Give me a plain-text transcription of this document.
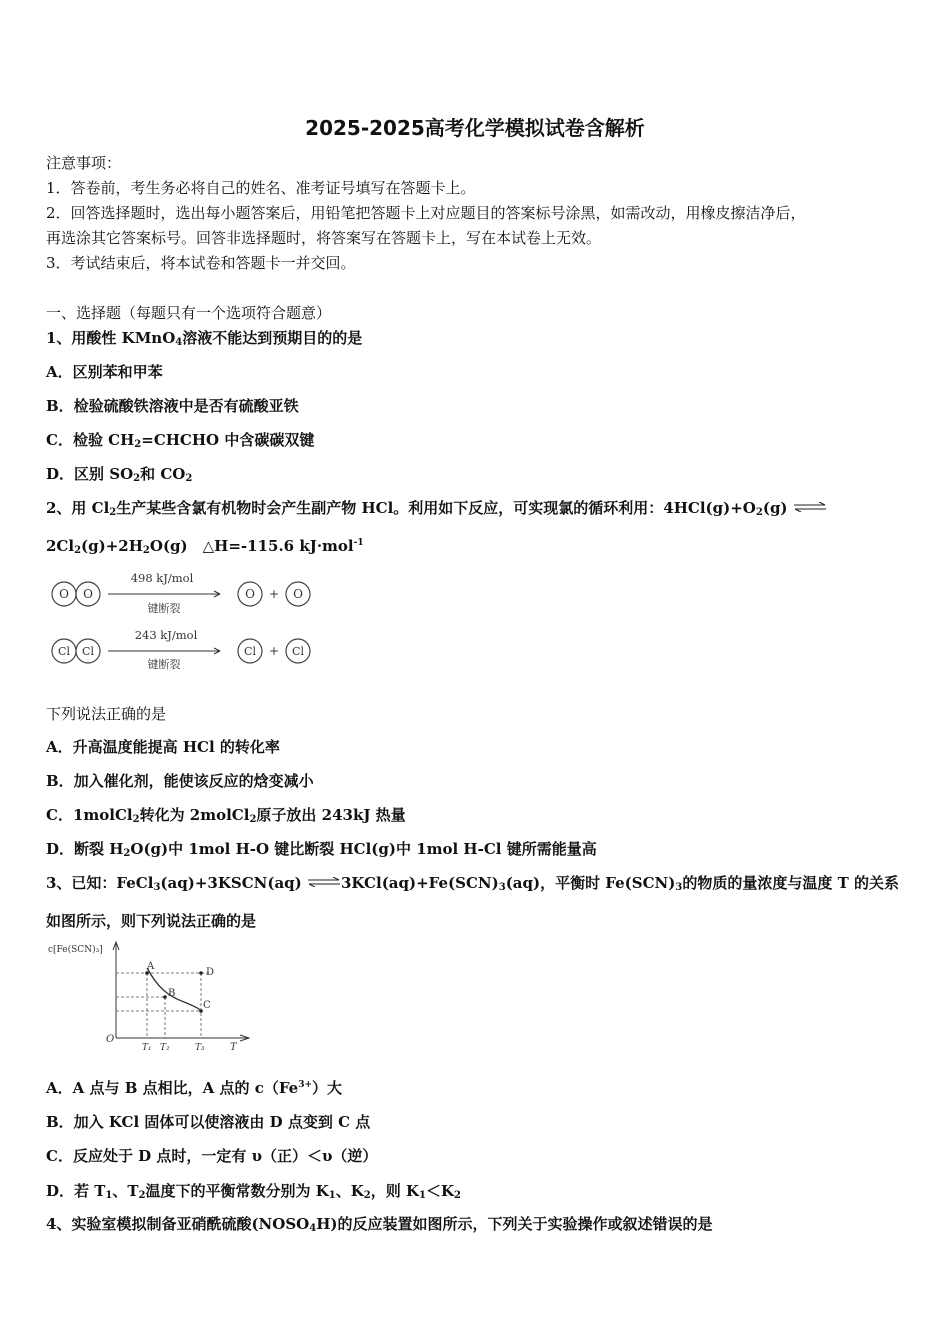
2025-2025高考化学模拟试卷含解析
注意事项：
1．答卷前，考生务必将自己的姓名、准考证号填写在答题卡上。
2．回答选择题时，选出每小题答案后，用铅笔把答题卡上对应题目的答案标号涂黑，如需改动，用橡皮擦洁净后，
再选涂其它答案标号。回答非选择题时，将答案写在答题卡上，写在本试卷上无效。
3．考试结束后，将本试卷和答题卡一并交回。
一、选择题（每题只有一个选项符合题意）
1、用酸性 KMnO$_4$溶液不能达到预期目的的是
A．区别苯和甲苯
B．检验硫酸铁溶液中是否有硫酸亚铁
C．检验 $CH_2=CHCHO$ 中含碳碳双键
D．区别 $SO_2$和 $CO_2$
2、用 $Cl_2$生产某些含氯有机物时会产生副产物 HCl。利用如下反应，可实现氯的循环利用：$4HCl(g)+O_2(g)$ ⇌
$2Cl_2(g)+2H_2O(g)$　△H=-115.6 kJ·mol$^{-1}$
O O
498 kJ/mol
键断裂
O + O
Cl Cl
243 kJ/mol
键断裂
Cl + Cl
下列说法正确的是
A．升高温度能提高 HCl 的转化率
B．加入催化剂，能使该反应的焓变减小
C．1molCl$_2$转化为 2molCl$_2$原子放出 243kJ 热量
D．断裂 $H_2O(g)$中 1mol H-O 键比断裂 HCl(g)中 1mol H-Cl 键所需能量高
3、已知：FeCl$_3$(aq)+3KSCN(aq) $\rightleftharpoons 3KCl(aq)+Fe(SCN)_3(aq)$，平衡时 $Fe(SCN)_3$的物质的量浓度与温度 T 的关系
如图所示，则下列说法正确的是
c[Fe(SCN)₃]
O
T
A
B
C
D
T₁ T₂	T₃
A．A 点与 B 点相比，A 点的 $c(Fe^{3+})$大
B．加入 KCl 固体可以使溶液由 D 点变到 C 点
C．反应处于 D 点时，一定有 υ（正）＜υ（逆）
D．若 $T_1$、$T_2$温度下的平衡常数分别为 $K_1$、$K_2$，则 $K_1<K_2$
4、实验室模拟制备亚硝酰硫酸$(NOSO_4H)$的反应装置如图所示，下列关于实验操作或叙述错误的是
